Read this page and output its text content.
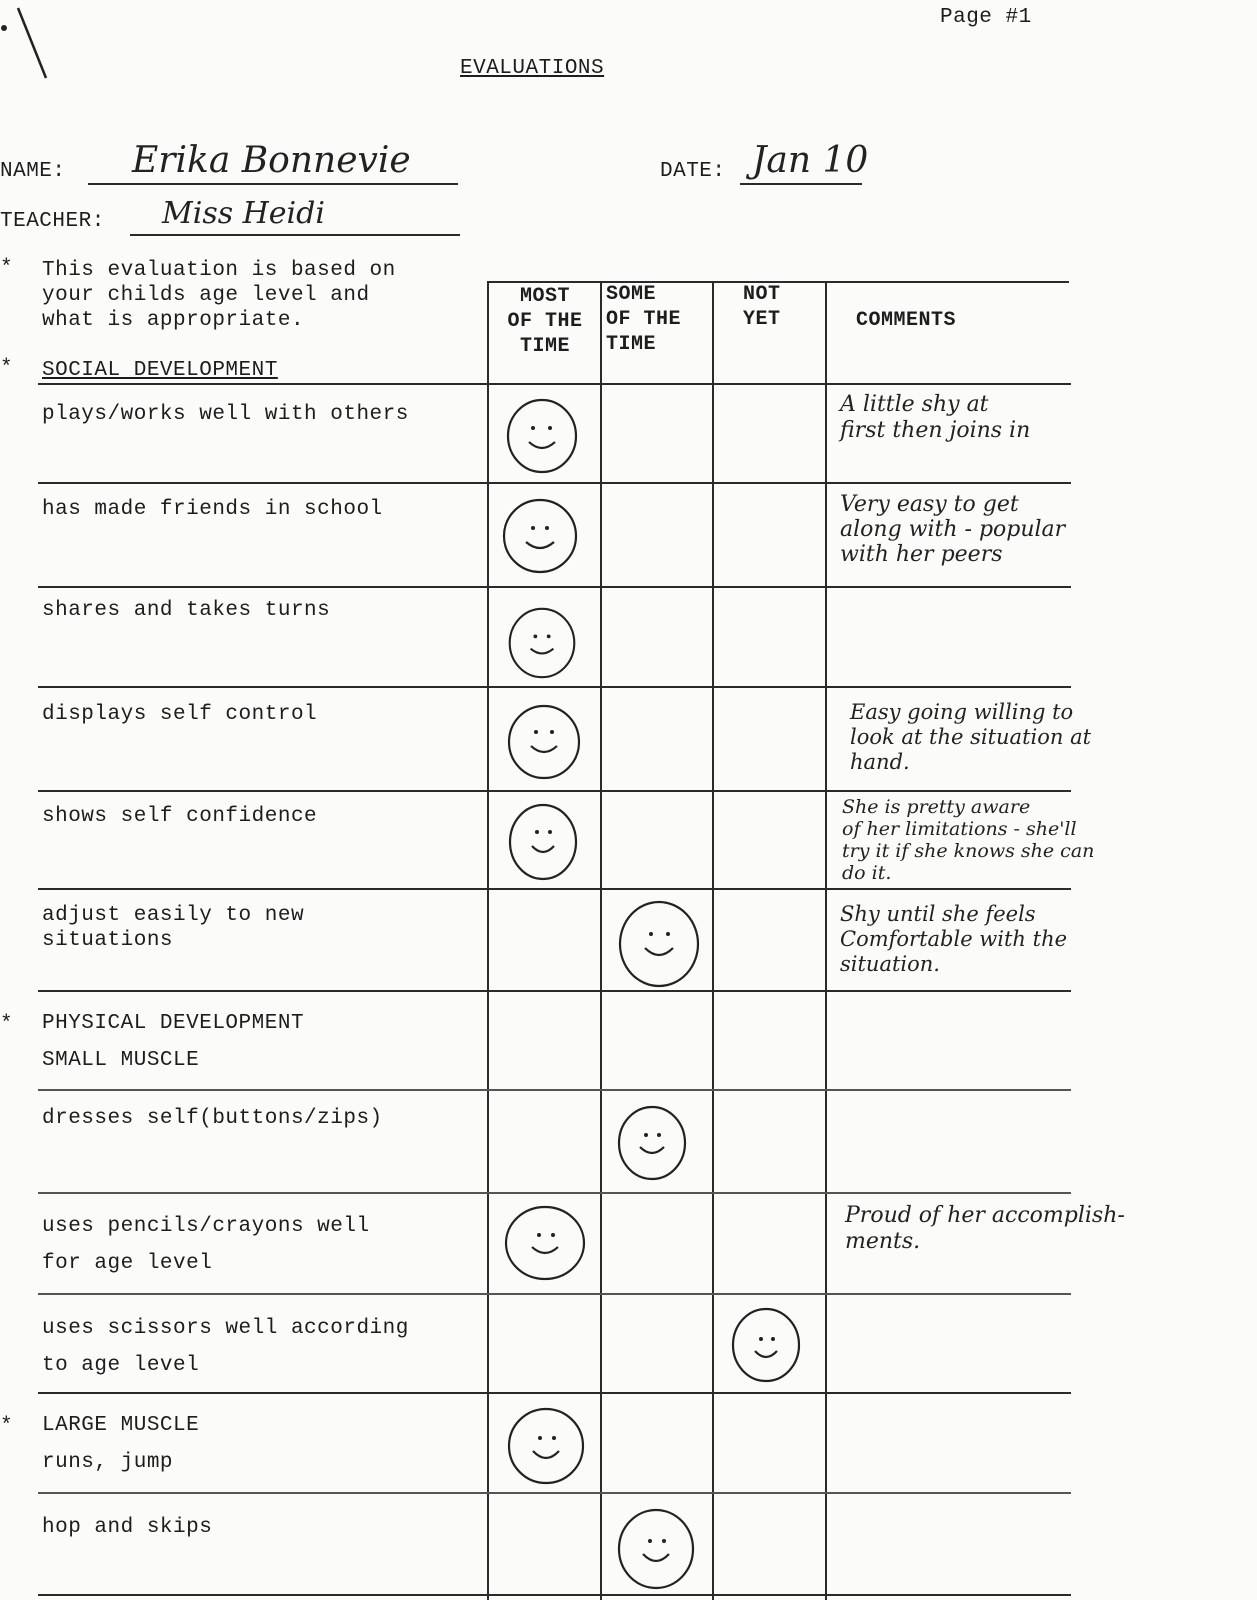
Page #1
EVALUATIONS
NAME: Erika Bonnevie	DATE: Jan 10
TEACHER: Miss Heidi
* This evaluation is based on
your childs age level and
what is appropriate.
MOST
OF THE
TIME
SOME
OF THE
TIME
NOT
YET	COMMENTS
* SOCIAL DEVELOPMENT
plays/works well with others
has made friends in school
shares and takes turns
displays self control
shows self confidence
adjust easily to new
situations
* PHYSICAL DEVELOPMENT
SMALL MUSCLE
dresses self(buttons/zips)
uses pencils/crayons well
for age level
uses scissors well according
to age level
* LARGE MUSCLE
runs, jump
hop and skips
A little shy at
first then joins in
Very easy to get
along with - popular
with her peers
Easy going willing to
look at the situation at
hand.
She is pretty aware
of her limitations - she'll
try it if she knows she can
do it.
Shy until she feels
Comfortable with the
situation.
Proud of her accomplish-
ments.
